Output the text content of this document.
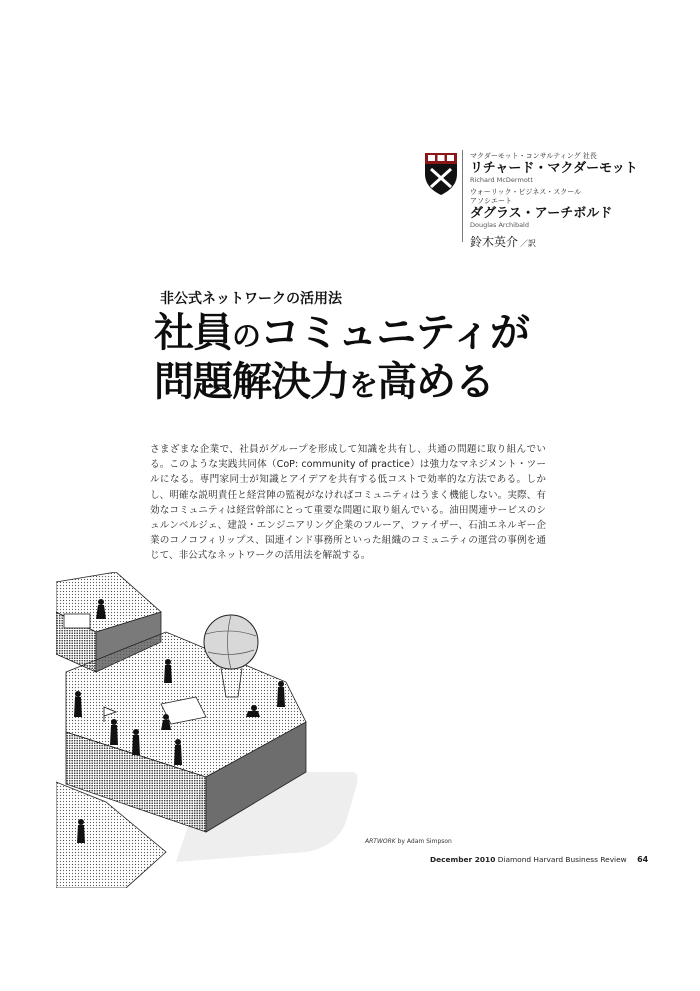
マクダーモット・コンサルティング 社長
リチャード・マクダーモット
Richard McDermott
ウォーリック・ビジネス・スクール
アソシエート
ダグラス・アーチボルド
Douglas Archibald
鈴木英介 ／訳
非公式ネットワークの活用法
社員のコミュニティが
問題解決力を高める
さまざまな企業で、社員がグループを形成して知識を共有し、共通の問題に取り組んでいる。このような実践共同体（CoP: community of practice）は強力なマネジメント・ツールになる。専門家同士が知識とアイデアを共有する低コストで効率的な方法である。しかし、明確な説明責任と経営陣の監視がなければコミュニティはうまく機能しない。実際、有効なコミュニティは経営幹部にとって重要な問題に取り組んでいる。油田関連サービスのシュルンベルジェ、建設・エンジニアリング企業のフルーア、ファイザー、石油エネルギー企業のコノコフィリップス、国連インド事務所といった組織のコミュニティの運営の事例を通じて、非公式なネットワークの活用法を解説する。
ARTWORK by Adam Simpson
December 2010 Diamond Harvard Business Review 64
